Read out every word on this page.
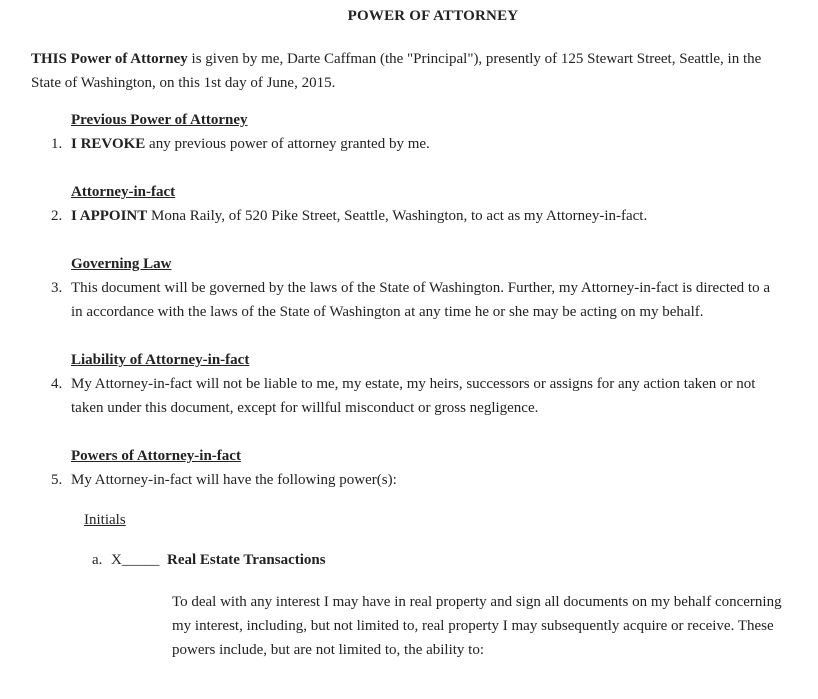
POWER OF ATTORNEY
THIS Power of Attorney is given by me, Darte Caffman (the "Principal"), presently of 125 Stewart Street, Seattle, in the
State of Washington, on this 1st day of June, 2015.
Previous Power of Attorney
1. I REVOKE any previous power of attorney granted by me.
Attorney-in-fact
2. I APPOINT Mona Raily, of 520 Pike Street, Seattle, Washington, to act as my Attorney-in-fact.
Governing Law
3. This document will be governed by the laws of the State of Washington. Further, my Attorney-in-fact is directed to a
in accordance with the laws of the State of Washington at any time he or she may be acting on my behalf.
Liability of Attorney-in-fact
4. My Attorney-in-fact will not be liable to me, my estate, my heirs, successors or assigns for any action taken or not
taken under this document, except for willful misconduct or gross negligence.
Powers of Attorney-in-fact
5. My Attorney-in-fact will have the following power(s):
Initials
a. X_____ Real Estate Transactions
To deal with any interest I may have in real property and sign all documents on my behalf concerning
my interest, including, but not limited to, real property I may subsequently acquire or receive. These
powers include, but are not limited to, the ability to:
